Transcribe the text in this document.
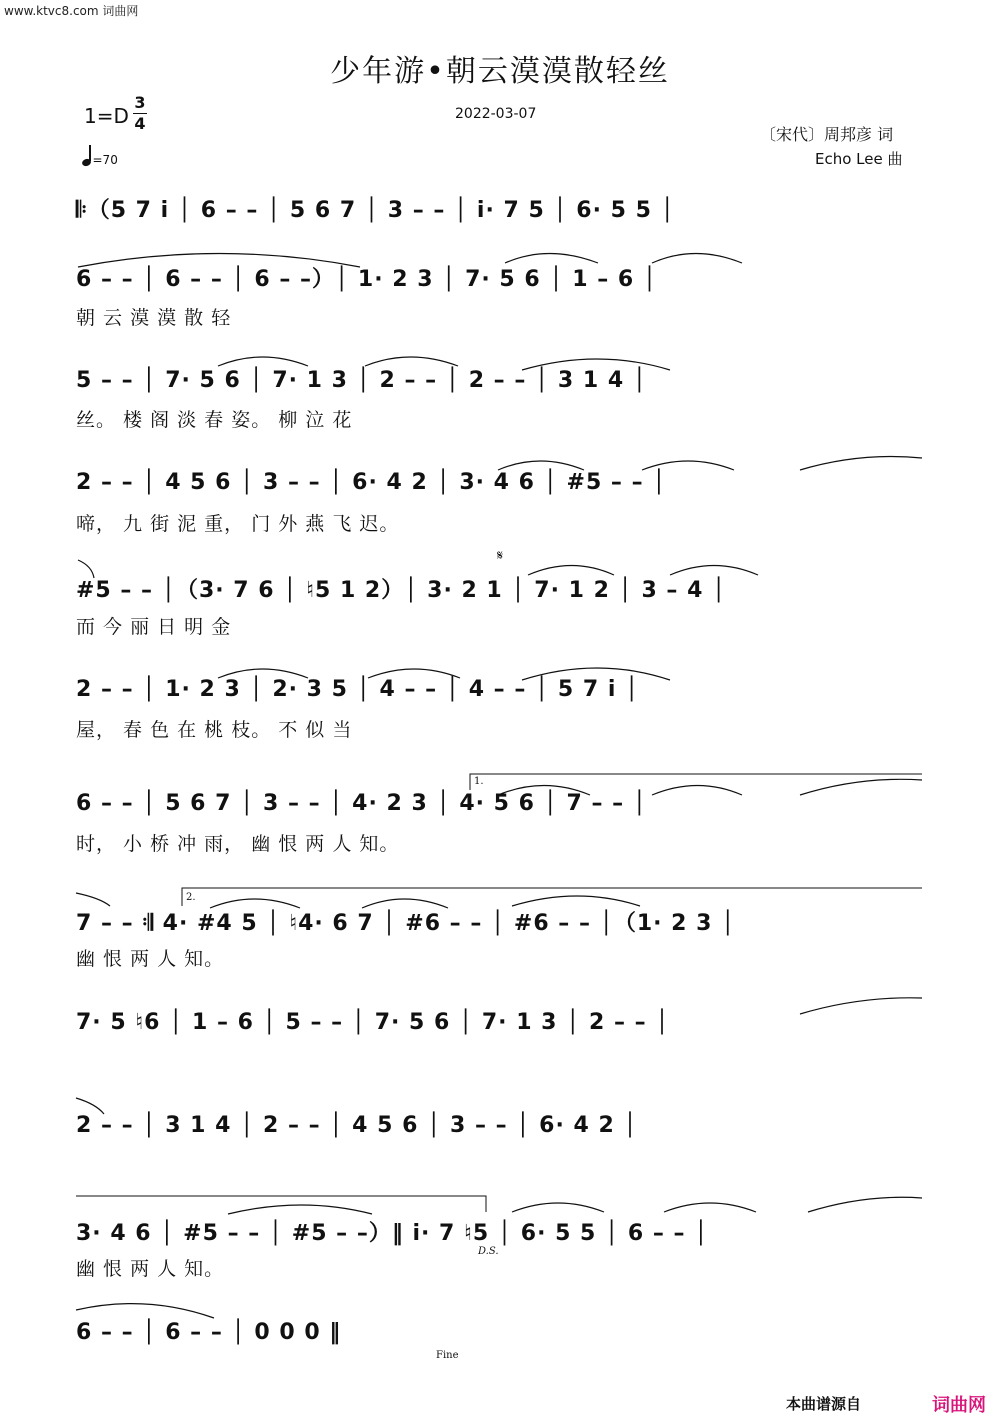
www.ktvc8.com 词曲网
少年游•朝云漠漠散轻丝
1=D
3
4	2022-03-07
〔宋代〕周邦彦 词
Echo Lee 曲
=70
𝄆（5 7 i │ 6 – – │ 5 6 7 │ 3 – – │ i· 7 5 │ 6· 5 5 │
6 – – │ 6 – – │ 6 – –）│ 1· 2 3 │ 7· 5 6 │ 1 – 6 │
朝 云 漠 漠 散 轻
5 – – │ 7· 5 6 │ 7· 1 3 │ 2 – – │ 2 – – │ 3 1 4 │
丝。 楼 阁 淡 春 姿。 柳 泣 花
2 – – │ 4 5 6 │ 3 – – │ 6· 4 2 │ 3· 4 6 │ #5 – – │
啼， 九 街 泥 重， 门 外 燕 飞 迟。
#5 – – │（3· 7 6 │ ♮5 1 2）│ 3· 2 1 │ 7· 1 2 │ 3 – 4 │
而 今 丽 日 明 金
2 – – │ 1· 2 3 │ 2· 3 5 │ 4 – – │ 4 – – │ 5 7 i │
屋， 春 色 在 桃 枝。 不 似 当
6 – – │ 5 6 7 │ 3 – – │ 4· 2 3 │ 4· 5 6 │ 7 – – │
时， 小 桥 冲 雨， 幽 恨 两 人 知。
7 – – 𝄇 4· #4 5 │ ♮4· 6 7 │ #6 – – │ #6 – – │（1· 2 3 │
幽 恨 两 人 知。
7· 5 ♮6 │ 1 – 6 │ 5 – – │ 7· 5 6 │ 7· 1 3 │ 2 – – │
2 – – │ 3 1 4 │ 2 – – │ 4 5 6 │ 3 – – │ 6· 4 2 │
3· 4 6 │ #5 – – │ #5 – –）‖ i· 7 ♮5 │ 6· 5 5 │ 6 – – │
幽 恨 两 人 知。
6 – – │ 6 – – │ 0 0 0 ‖
𝄋
1.
2.
D.S.
Fine
本曲谱源自	词曲网
